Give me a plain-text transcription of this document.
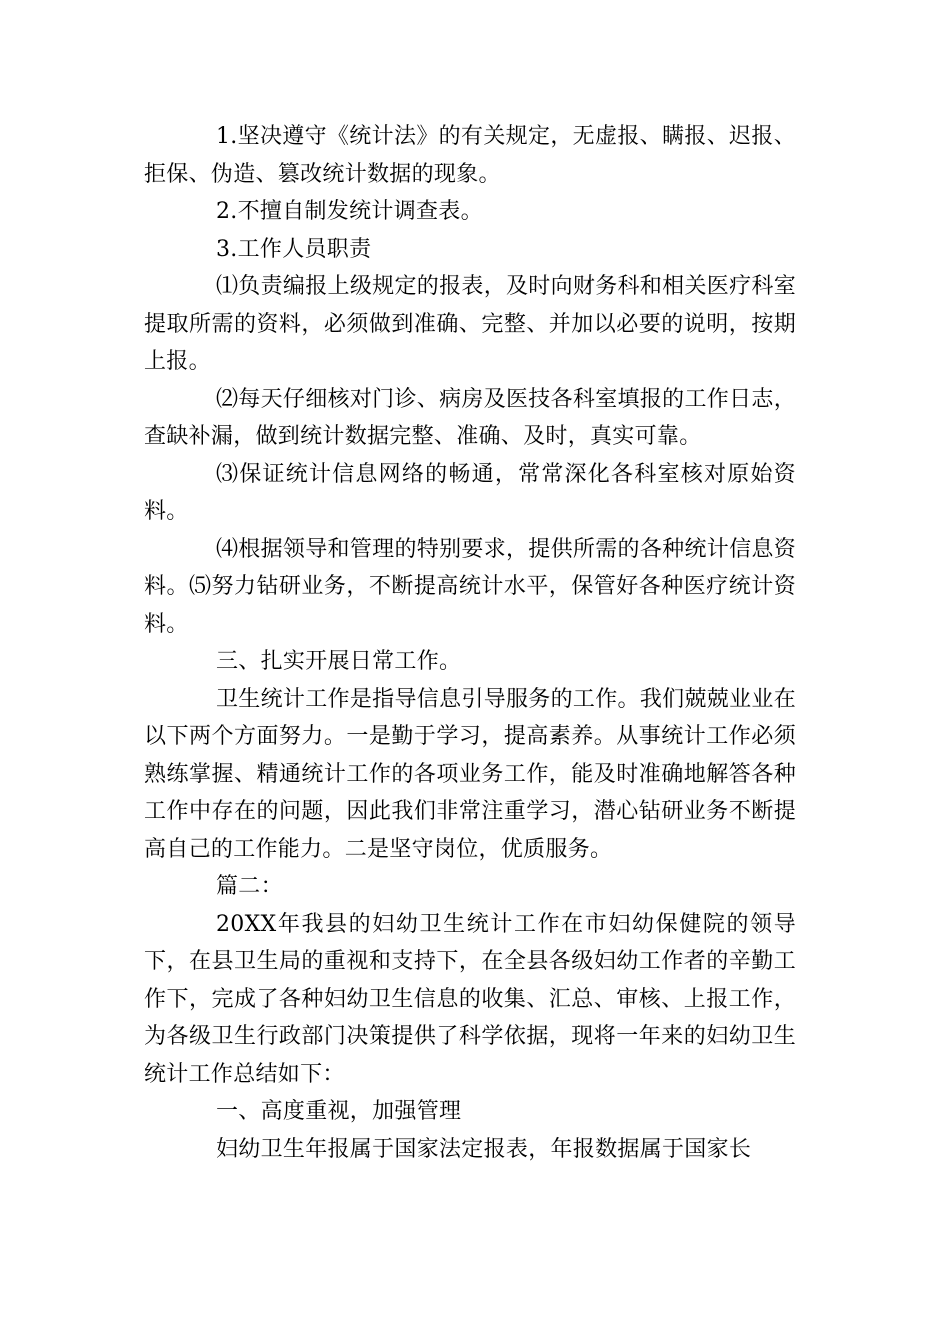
1.坚决遵守《统计法》的有关规定，无虚报、瞒报、迟报、拒保、伪造、篡改统计数据的现象。

2.不擅自制发统计调查表。

3.工作人员职责

⑴负责编报上级规定的报表，及时向财务科和相关医疗科室提取所需的资料，必须做到准确、完整、并加以必要的说明，按期上报。

⑵每天仔细核对门诊、病房及医技各科室填报的工作日志，查缺补漏，做到统计数据完整、准确、及时，真实可靠。

⑶保证统计信息网络的畅通，常常深化各科室核对原始资料。

⑷根据领导和管理的特别要求，提供所需的各种统计信息资料。⑸努力钻研业务，不断提高统计水平，保管好各种医疗统计资料。

三、扎实开展日常工作。

卫生统计工作是指导信息引导服务的工作。我们兢兢业业在以下两个方面努力。一是勤于学习，提高素养。从事统计工作必须熟练掌握、精通统计工作的各项业务工作，能及时准确地解答各种工作中存在的问题，因此我们非常注重学习，潜心钻研业务不断提高自己的工作能力。二是坚守岗位，优质服务。

篇二：

20XX年我县的妇幼卫生统计工作在市妇幼保健院的领导下，在县卫生局的重视和支持下，在全县各级妇幼工作者的辛勤工作下，完成了各种妇幼卫生信息的收集、汇总、审核、上报工作，为各级卫生行政部门决策提供了科学依据，现将一年来的妇幼卫生统计工作总结如下：

一、高度重视，加强管理

妇幼卫生年报属于国家法定报表，年报数据属于国家长
